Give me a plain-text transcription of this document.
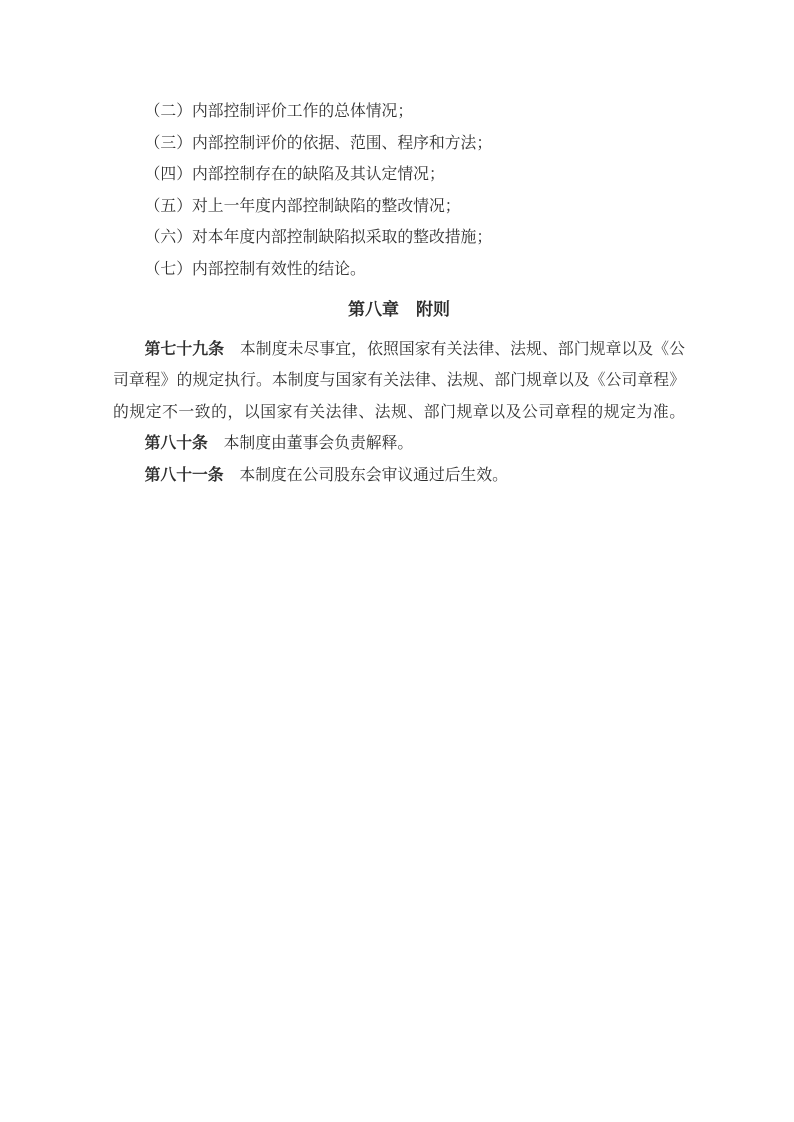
（二）内部控制评价工作的总体情况；
（三）内部控制评价的依据、范围、程序和方法；
（四）内部控制存在的缺陷及其认定情况；
（五）对上一年度内部控制缺陷的整改情况；
（六）对本年度内部控制缺陷拟采取的整改措施；
（七）内部控制有效性的结论。
第八章　附则
第七十九条 本制度未尽事宜，依照国家有关法律、法规、部门规章以及《公
司章程》的规定执行。本制度与国家有关法律、法规、部门规章以及《公司章程》
的规定不一致的，以国家有关法律、法规、部门规章以及公司章程的规定为准。
第八十条 本制度由董事会负责解释。
第八十一条 本制度在公司股东会审议通过后生效。
